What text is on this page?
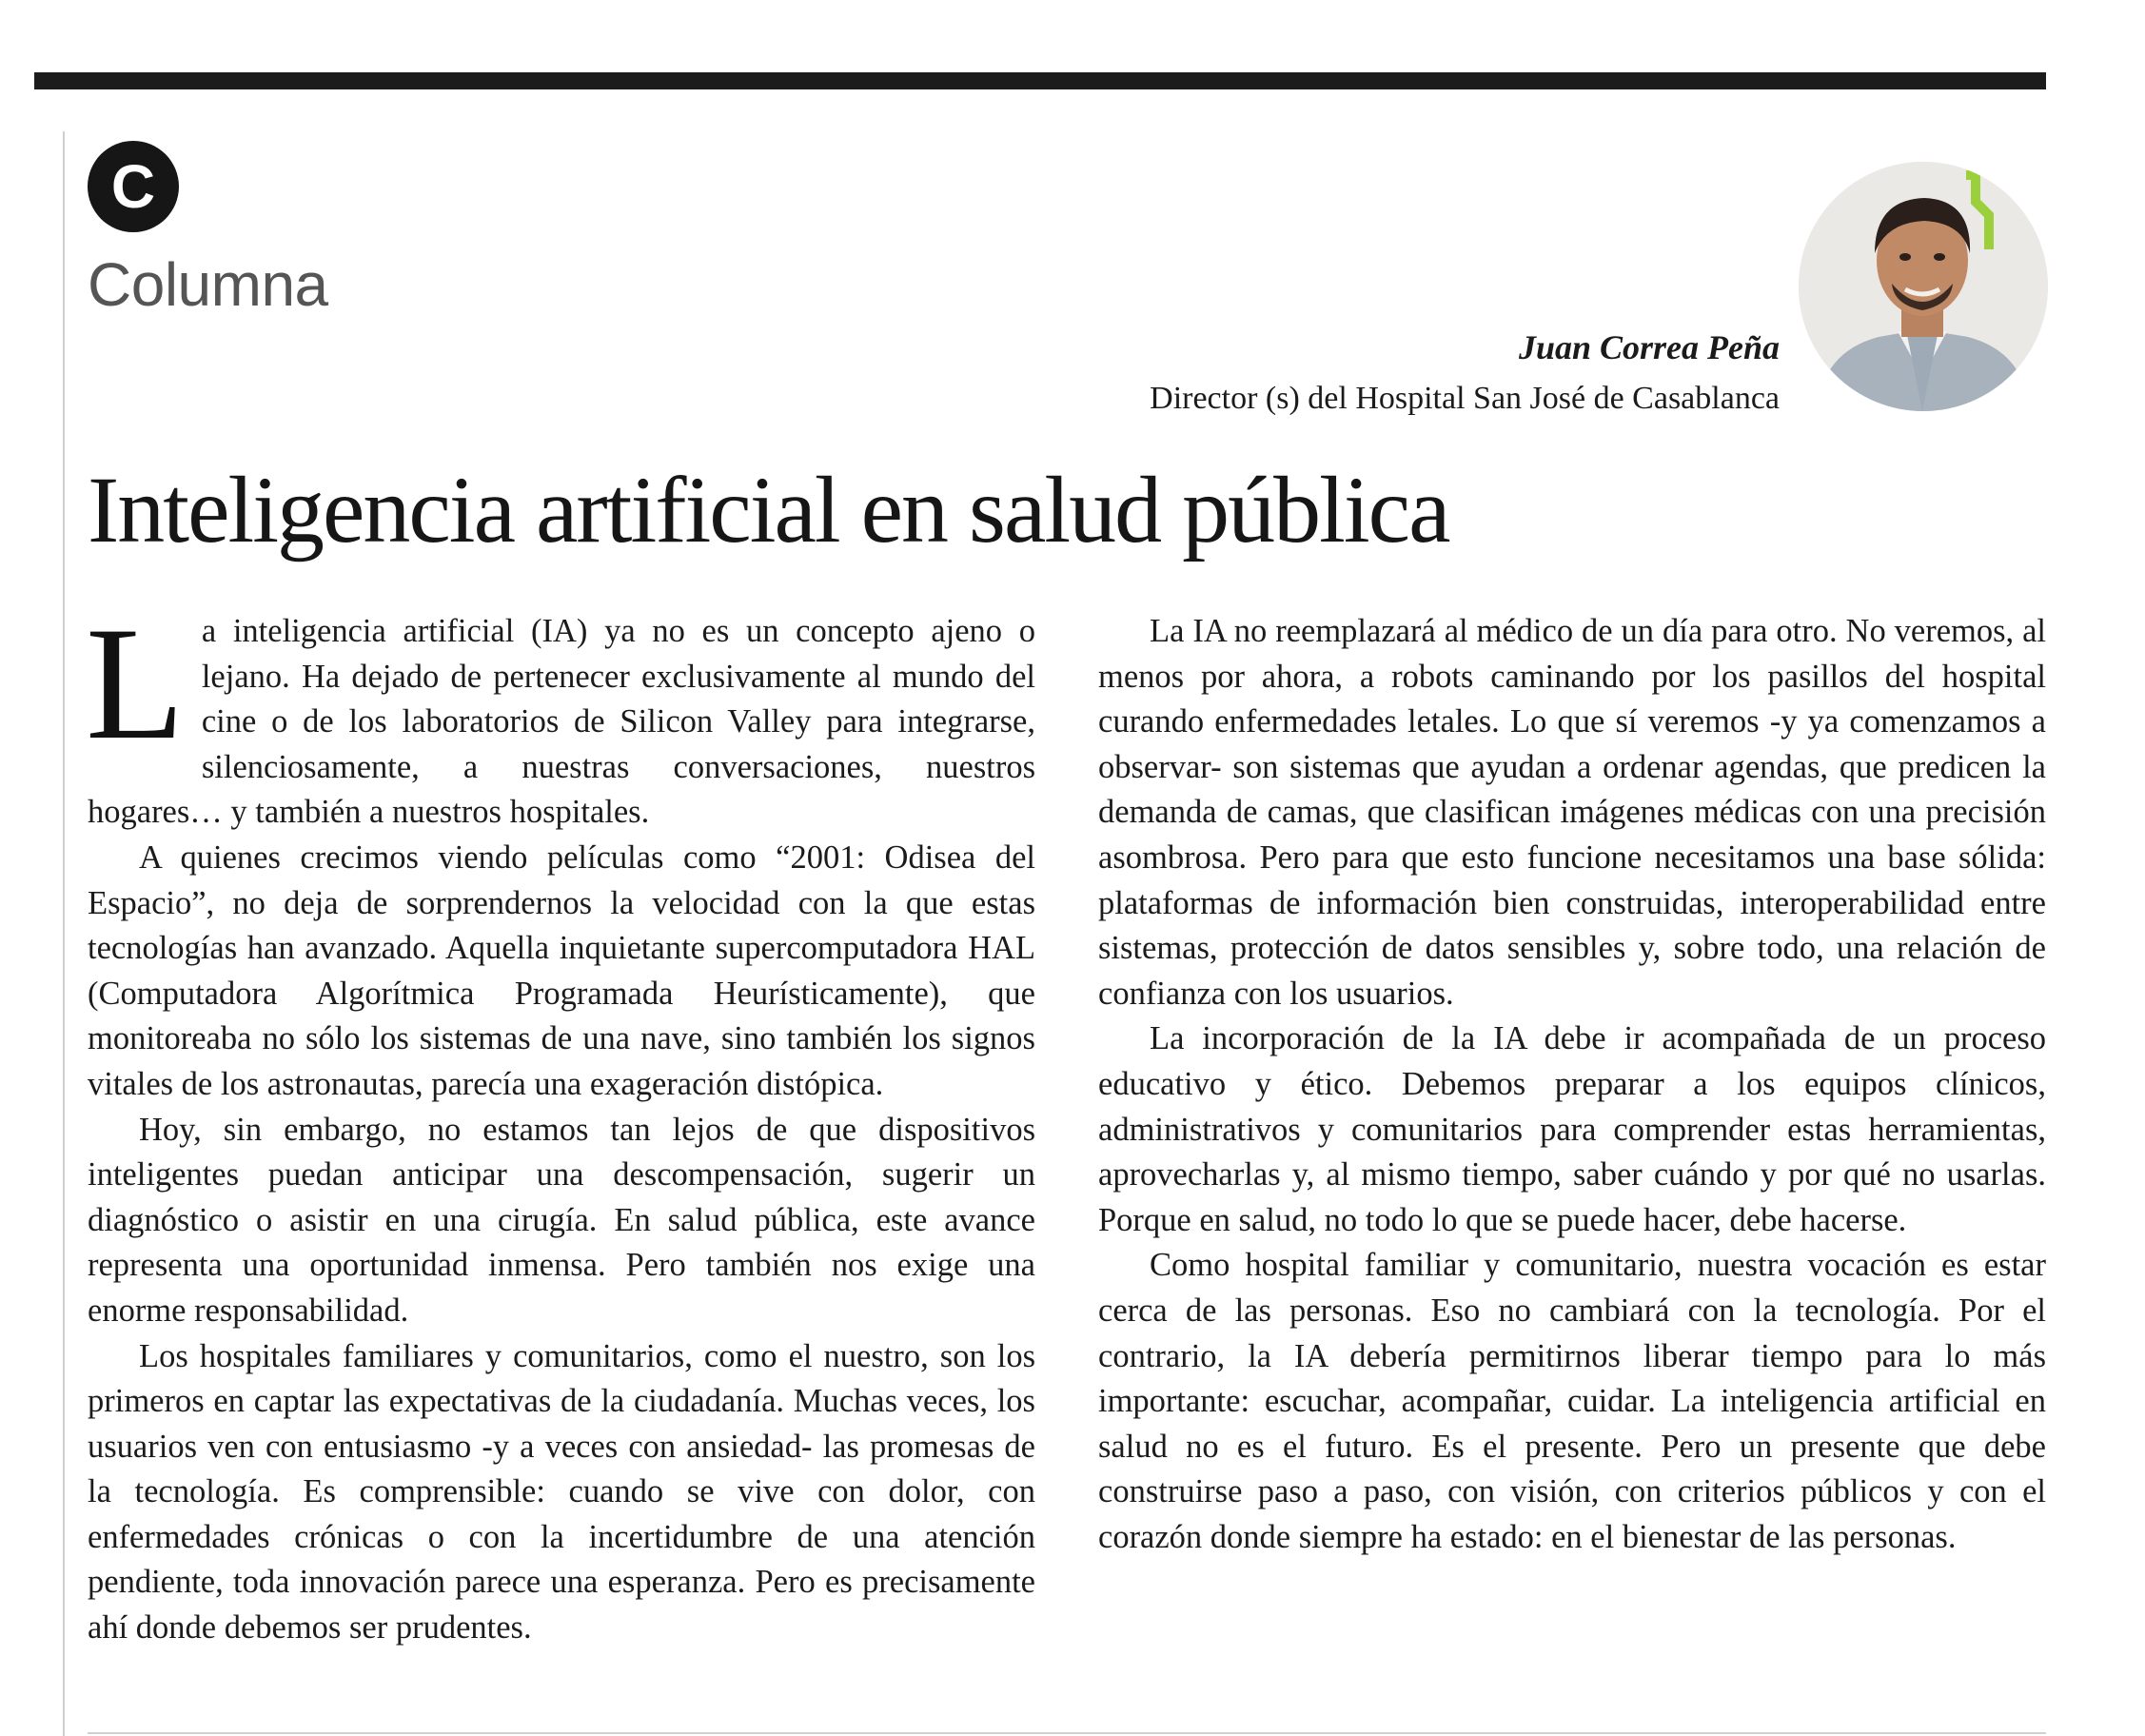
C
Columna
Juan Correa Peña
Director (s) del Hospital San José de Casablanca
Inteligencia artificial en salud pública

La inteligencia artificial (IA) ya no es un concepto ajeno o lejano. Ha dejado de pertenecer exclusivamente al mundo del cine o de los laboratorios de Silicon Valley para integrarse, silenciosamente, a nuestras conversaciones, nuestros hogares… y también a nuestros hospitales.

A quienes crecimos viendo películas como “2001: Odisea del Espacio”, no deja de sorprendernos la velocidad con la que estas tecnologías han avanzado. Aquella inquietante supercomputadora HAL (Computadora Algorítmica Programada Heurísticamente), que monitoreaba no sólo los sistemas de una nave, sino también los signos vitales de los astronautas, parecía una exageración distópica.

Hoy, sin embargo, no estamos tan lejos de que dispositivos inteligentes puedan anticipar una descompensación, sugerir un diagnóstico o asistir en una cirugía. En salud pública, este avance representa una oportunidad inmensa. Pero también nos exige una enorme responsabilidad.

Los hospitales familiares y comunitarios, como el nuestro, son los primeros en captar las expectativas de la ciudadanía. Muchas veces, los usuarios ven con entusiasmo -y a veces con ansiedad- las promesas de la tecnología. Es comprensible: cuando se vive con dolor, con enfermedades crónicas o con la incertidumbre de una atención pendiente, toda innovación parece una esperanza. Pero es precisamente ahí donde debemos ser prudentes.

La IA no reemplazará al médico de un día para otro. No veremos, al menos por ahora, a robots caminando por los pasillos del hospital curando enfermedades letales. Lo que sí veremos -y ya comenzamos a observar- son sistemas que ayudan a ordenar agendas, que predicen la demanda de camas, que clasifican imágenes médicas con una precisión asombrosa. Pero para que esto funcione necesitamos una base sólida: plataformas de información bien construidas, interoperabilidad entre sistemas, protección de datos sensibles y, sobre todo, una relación de confianza con los usuarios.

La incorporación de la IA debe ir acompañada de un proceso educativo y ético. Debemos preparar a los equipos clínicos, administrativos y comunitarios para comprender estas herramientas, aprovecharlas y, al mismo tiempo, saber cuándo y por qué no usarlas. Porque en salud, no todo lo que se puede hacer, debe hacerse.

Como hospital familiar y comunitario, nuestra vocación es estar cerca de las personas. Eso no cambiará con la tecnología. Por el contrario, la IA debería permitirnos liberar tiempo para lo más importante: escuchar, acompañar, cuidar. La inteligencia artificial en salud no es el futuro. Es el presente. Pero un presente que debe construirse paso a paso, con visión, con criterios públicos y con el corazón donde siempre ha estado: en el bienestar de las personas.
